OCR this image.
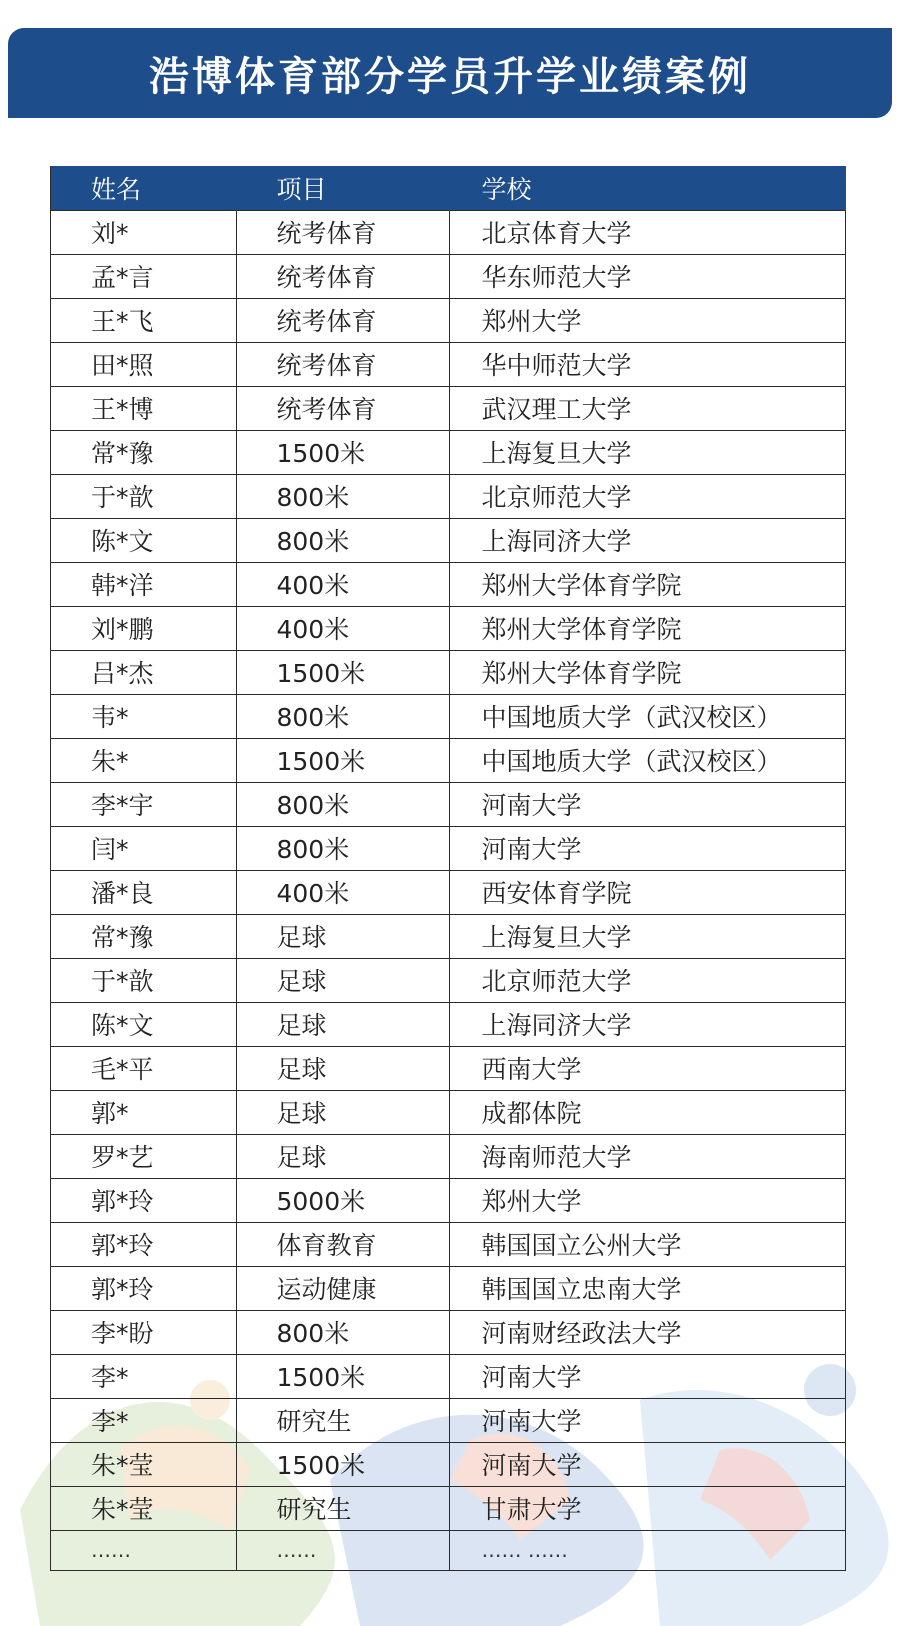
浩博体育部分学员升学业绩案例
姓名	项目	学校
刘*	统考体育	北京体育大学
孟*言	统考体育	华东师范大学
王*飞	统考体育	郑州大学
田*照	统考体育	华中师范大学
王*博	统考体育	武汉理工大学
常*豫	1500米	上海复旦大学
于*歆	800米	北京师范大学
陈*文	800米	上海同济大学
韩*洋	400米	郑州大学体育学院
刘*鹏	400米	郑州大学体育学院
吕*杰	1500米	郑州大学体育学院
韦*	800米	中国地质大学（武汉校区）
朱*	1500米	中国地质大学（武汉校区）
李*宇	800米	河南大学
闫*	800米	河南大学
潘*良	400米	西安体育学院
常*豫	足球	上海复旦大学
于*歆	足球	北京师范大学
陈*文	足球	上海同济大学
毛*平	足球	西南大学
郭*	足球	成都体院
罗*艺	足球	海南师范大学
郭*玲	5000米	郑州大学
郭*玲	体育教育	韩国国立公州大学
郭*玲	运动健康	韩国国立忠南大学
李*盼	800米	河南财经政法大学
李*	1500米	河南大学
李*	研究生	河南大学
朱*莹	1500米	河南大学
朱*莹	研究生	甘肃大学
……	……	…… ……
